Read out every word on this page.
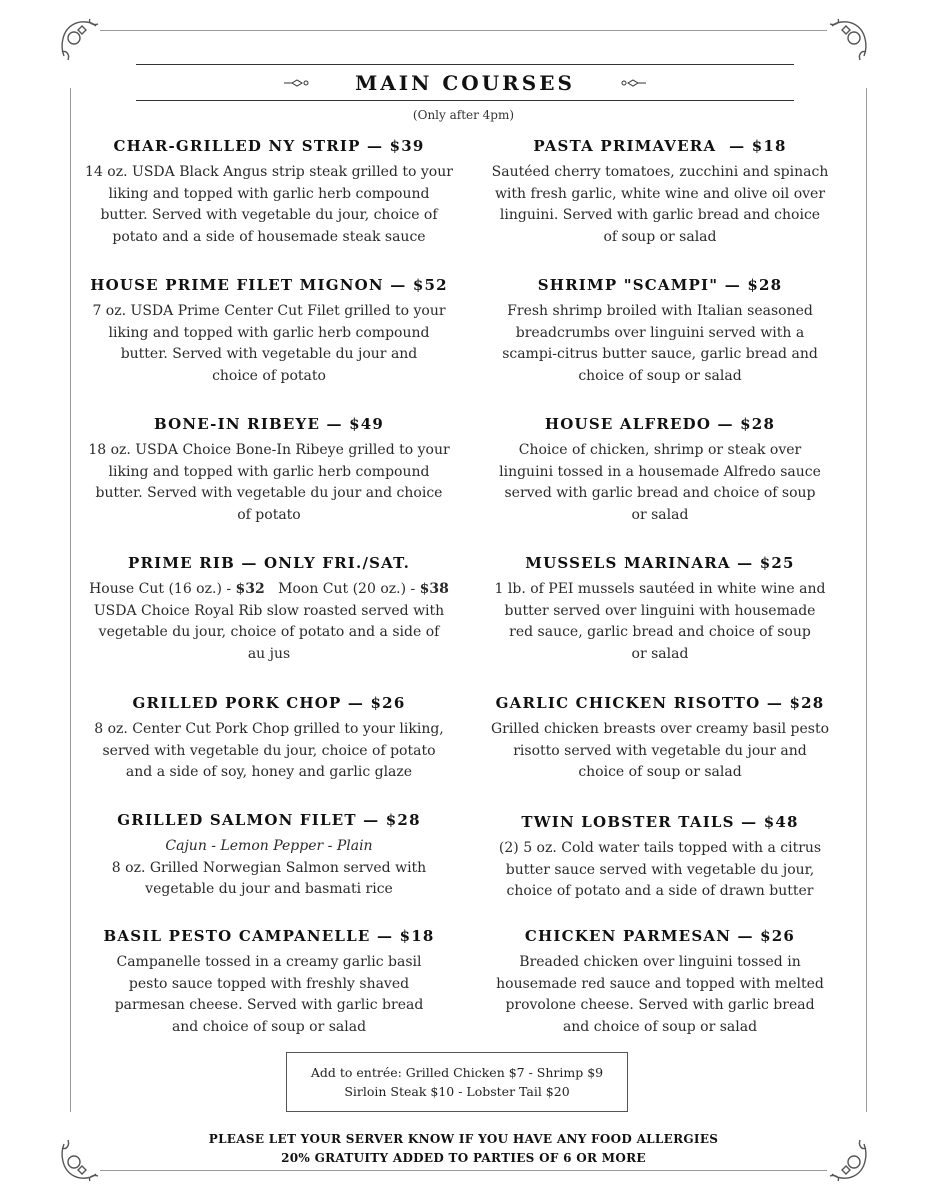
MAIN COURSES
(Only after 4pm)
CHAR-GRILLED NY STRIP — $39

14 oz. USDA Black Angus strip steak grilled to your
liking and topped with garlic herb compound
butter. Served with vegetable du jour, choice of
potato and a side of housemade steak sauce

HOUSE PRIME FILET MIGNON — $52

7 oz. USDA Prime Center Cut Filet grilled to your
liking and topped with garlic herb compound
butter. Served with vegetable du jour and
choice of potato

BONE-IN RIBEYE — $49

18 oz. USDA Choice Bone-In Ribeye grilled to your
liking and topped with garlic herb compound
butter. Served with vegetable du jour and choice
of potato

PRIME RIB — ONLY FRI./SAT.

House Cut (16 oz.) - $32 Moon Cut (20 oz.) - $38
USDA Choice Royal Rib slow roasted served with
vegetable du jour, choice of potato and a side of
au jus

GRILLED PORK CHOP — $26

8 oz. Center Cut Pork Chop grilled to your liking,
served with vegetable du jour, choice of potato
and a side of soy, honey and garlic glaze

GRILLED SALMON FILET — $28

Cajun - Lemon Pepper - Plain
8 oz. Grilled Norwegian Salmon served with
vegetable du jour and basmati rice

BASIL PESTO CAMPANELLE — $18

Campanelle tossed in a creamy garlic basil
pesto sauce topped with freshly shaved
parmesan cheese. Served with garlic bread
and choice of soup or salad

PASTA PRIMAVERA  — $18

Sautéed cherry tomatoes, zucchini and spinach
with fresh garlic, white wine and olive oil over
linguini. Served with garlic bread and choice
of soup or salad

SHRIMP "SCAMPI" — $28

Fresh shrimp broiled with Italian seasoned
breadcrumbs over linguini served with a
scampi-citrus butter sauce, garlic bread and
choice of soup or salad

HOUSE ALFREDO — $28

Choice of chicken, shrimp or steak over
linguini tossed in a housemade Alfredo sauce
served with garlic bread and choice of soup
or salad

MUSSELS MARINARA — $25

1 lb. of PEI mussels sautéed in white wine and
butter served over linguini with housemade
red sauce, garlic bread and choice of soup
or salad

GARLIC CHICKEN RISOTTO — $28

Grilled chicken breasts over creamy basil pesto
risotto served with vegetable du jour and
choice of soup or salad

TWIN LOBSTER TAILS — $48

(2) 5 oz. Cold water tails topped with a citrus
butter sauce served with vegetable du jour,
choice of potato and a side of drawn butter

CHICKEN PARMESAN — $26

Breaded chicken over linguini tossed in
housemade red sauce and topped with melted
provolone cheese. Served with garlic bread
and choice of soup or salad

Add to entrée: Grilled Chicken $7 - Shrimp $9
Sirloin Steak $10 - Lobster Tail $20
PLEASE LET YOUR SERVER KNOW IF YOU HAVE ANY FOOD ALLERGIES
20% GRATUITY ADDED TO PARTIES OF 6 OR MORE
